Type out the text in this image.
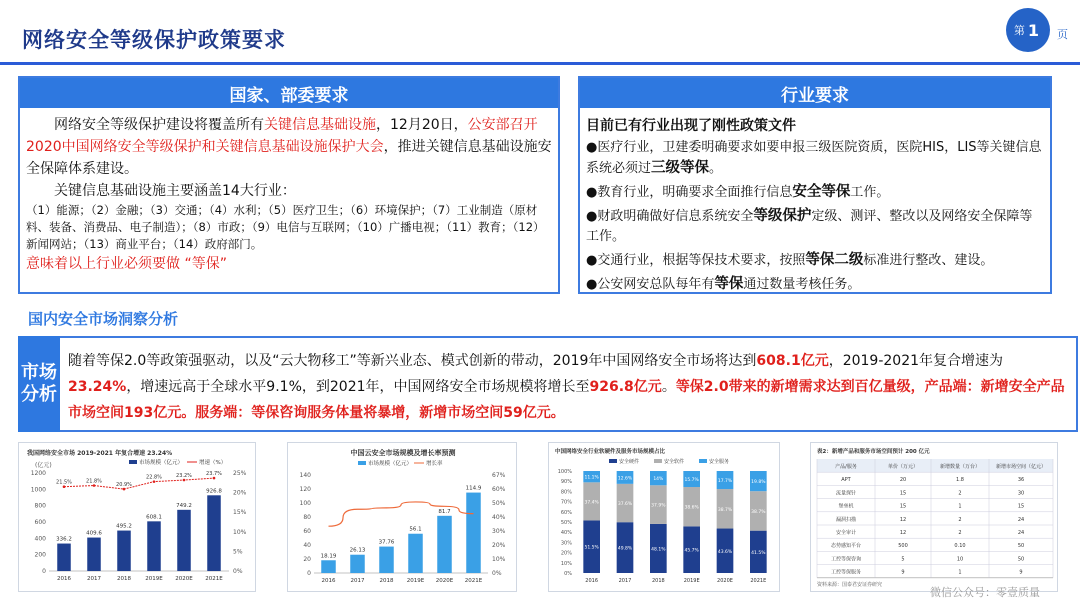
网络安全等级保护政策要求	第 1 页
国家、部委要求

网络安全等级保护建设将覆盖所有关键信息基础设施，12月20日，公安部召开2020中国网络安全等级保护和关键信息基础设施保护大会，推进关键信息基础设施安全保障体系建设。

关键信息基础设施主要涵盖14大行业：

（1）能源；（2）金融；（3）交通；（4）水利；（5）医疗卫生；（6）环境保护；（7）工业制造（原材料、装备、消费品、电子制造）；（8）市政；（9）电信与互联网；（10）广播电视；（11）教育；（12）新闻网站；（13）商业平台；（14）政府部门。

意味着以上行业必须要做 “等保”

行业要求
目前已有行业出现了刚性政策文件
●医疗行业，卫建委明确要求如要申报三级医院资质，医院HIS，LIS等关键信息系统必须过三级等保。
●教育行业，明确要求全面推行信息安全等保工作。
●财政明确做好信息系统安全等级保护定级、测评、整改以及网络安全保障等工作。
●交通行业，根据等保技术要求，按照等保二级标准进行整改、建设。
●公安网安总队每年有等保通过数量考核任务。
国内安全市场洞察分析
市场分析
随着等保2.0等政策强驱动，以及“云大物移工”等新兴业态、模式创新的带动，2019年中国网络安全市场将达到608.1亿元，2019-2021年复合增速为23.24%，增速远高于全球水平9.1%，到2021年，中国网络安全市场规模将增长至926.8亿元。等保2.0带来的新增需求达到百亿量级，产品端：新增安全产品市场空间193亿元。服务端：等保咨询服务体量将暴增，新增市场空间59亿元。
我国网络安全市场 2019-2021 年复合增速 23.24%
0
200
400
600
800
1000
1200
0%
5%
10%
15%
20%
25%
(亿元)
336.2
2016
409.6
2017
495.2
2018
608.1
2019E
749.2
2020E
926.8
2021E
21.5%	21.8%
20.9%
22.8%	23.2%	23.7%
市场规模（亿元）	增速（%）
中国云安全市场规模及增长率预测
0
20
40
60
80
100
120
140
0%
10%
20%
30%
40%
50%
60%
67%
18.19
2016
26.13
2017
37.76
2018
56.1
2019E
81.7
2020E
114.9
2021E
市场规模（亿元）	增长率
中国网络安全行业软硬件及服务市场规模占比
0%
10%
20%
30%
40%
50%
60%
70%
80%
90%
100%
安全硬件	安全软件	安全服务
51.5%
37.4%
11.1%
2016
49.8%
37.6%
12.6%
2017
48.1%
37.9%
14%
2018
45.7%
38.6%
15.7%
2019E
43.6%
38.7%
17.7%
2020E
41.5%
38.7%
19.8%
2021E
表2：新增产品和服务市场空间预计 200 亿元
产品/服务	单价（万元）	新增数量（万台）	新增市场空间（亿元）
APT	20	1.8	36
流量探针	15	2	30
堡垒机	15	1	15
漏洞扫描	12	2	24
安全审计	12	2	24
态势感知平台	500	0.10	50
工控等保咨询	5	10	50
工控等保服务	9	1	9
资料来源：国泰君安证券研究
微信公众号：零壹质量
